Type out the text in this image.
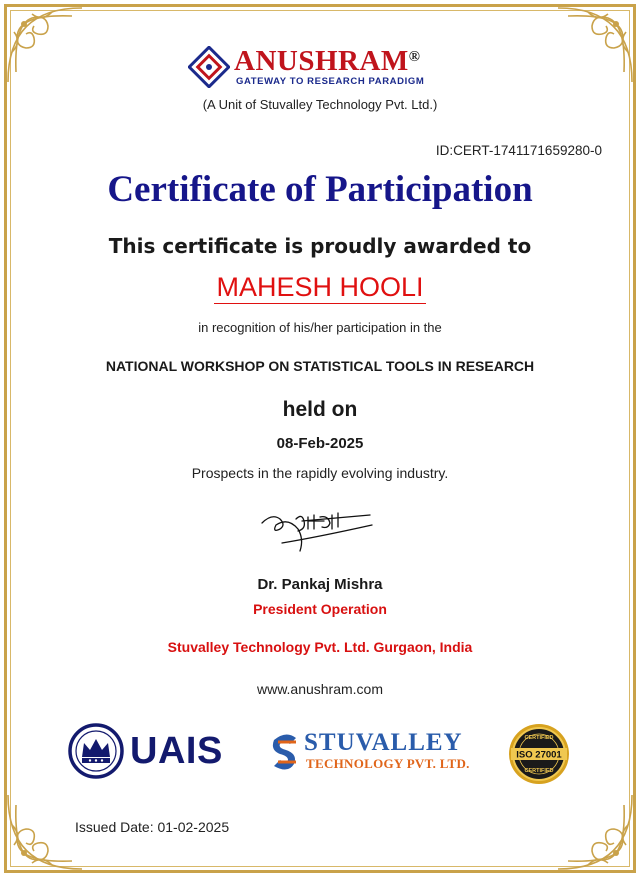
ANUSHRAM®
GATEWAY TO RESEARCH PARADIGM
(A Unit of Stuvalley Technology Pvt. Ltd.)
ID:CERT-1741171659280-0
Certificate of Participation
This certificate is proudly awarded to
MAHESH HOOLI
in recognition of his/her participation in the
NATIONAL WORKSHOP ON STATISTICAL TOOLS IN RESEARCH
held on
08-Feb-2025
Prospects in the rapidly evolving industry.
Dr. Pankaj Mishra
President Operation
Stuvalley Technology Pvt. Ltd. Gurgaon, India
www.anushram.com
UAIS	STUVALLEY
TECHNOLOGY PVT. LTD.
CERTIFIED
ISO 27001
CERTIFIED
Issued Date: 01-02-2025
